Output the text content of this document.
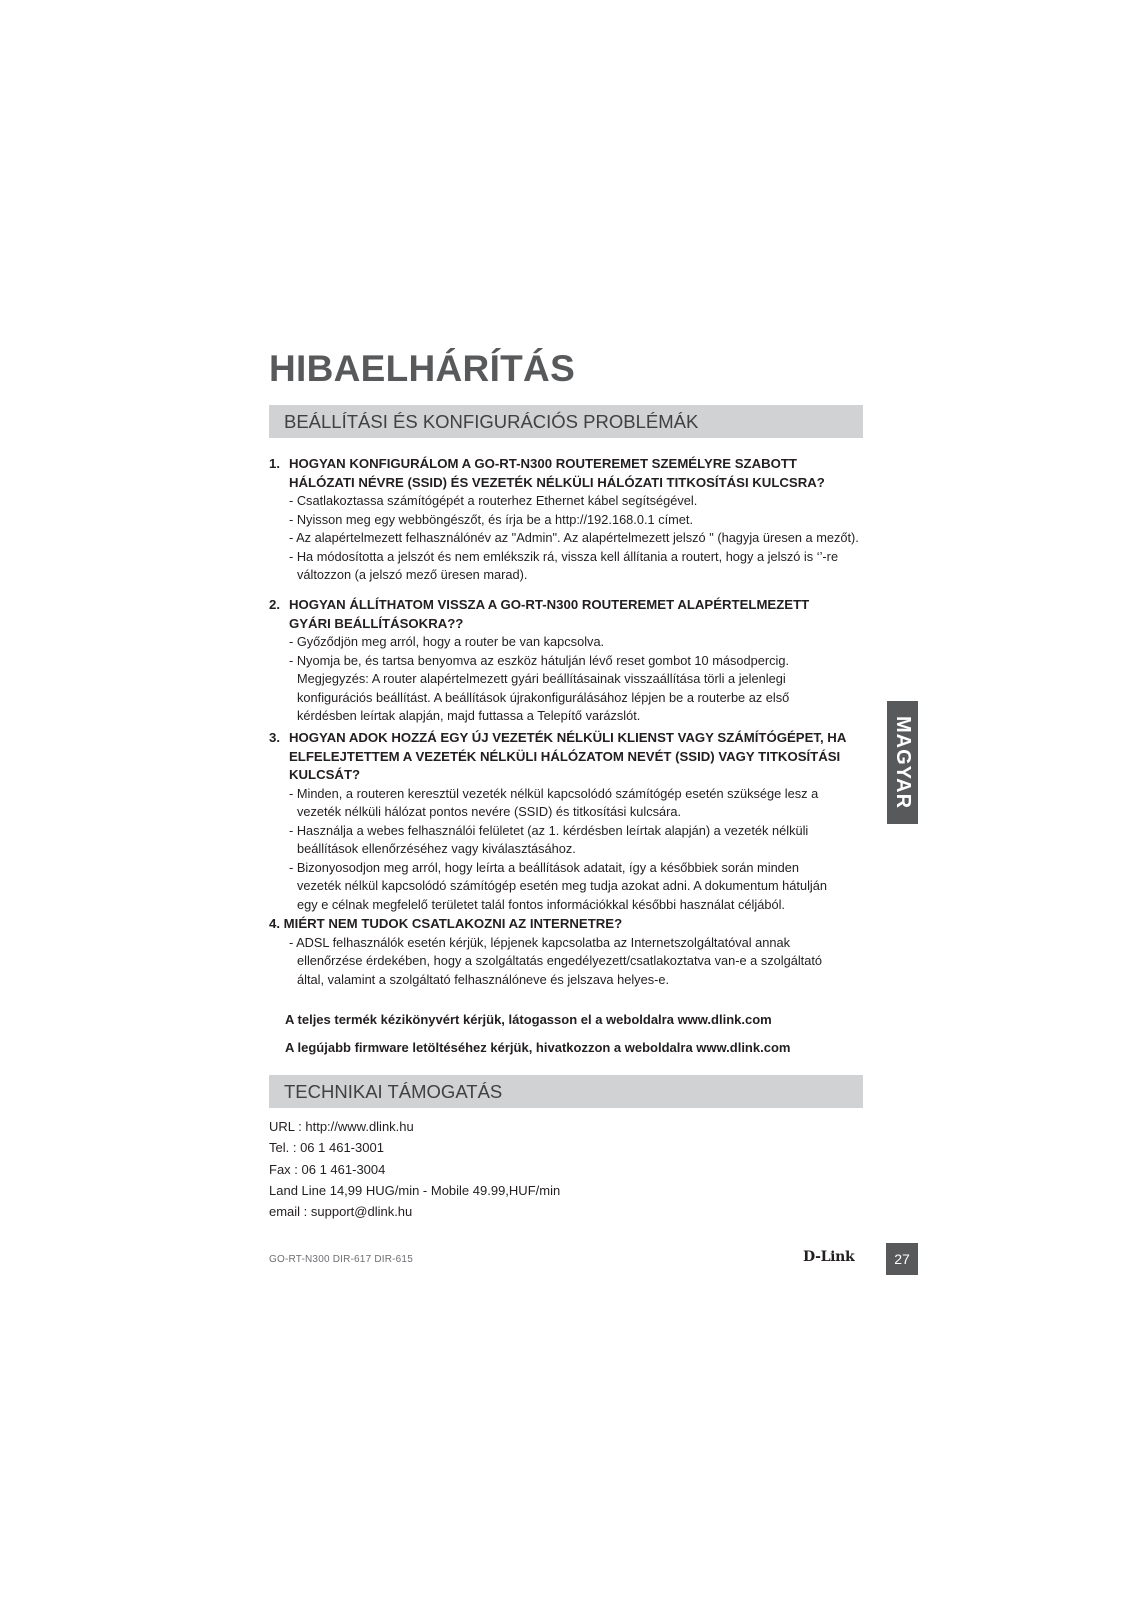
HIBAELHÁRÍTÁS
BEÁLLÍTÁSI ÉS KONFIGURÁCIÓS PROBLÉMÁK
1. HOGYAN KONFIGURÁLOM A GO-RT-N300 ROUTEREMET SZEMÉLYRE SZABOTT
HÁLÓZATI NÉVRE (SSID) ÉS VEZETÉK NÉLKÜLI HÁLÓZATI TITKOSÍTÁSI KULCSRA?
- Csatlakoztassa számítógépét a routerhez Ethernet kábel segítségével.
- Nyisson meg egy webböngészőt, és írja be a http://192.168.0.1 címet.
- Az alapértelmezett felhasználónév az "Admin". Az alapértelmezett jelszó " (hagyja üresen a mezőt).
- Ha módosította a jelszót és nem emlékszik rá, vissza kell állítania a routert, hogy a jelszó is ‘’-re
változzon (a jelszó mező üresen marad).
2. HOGYAN ÁLLÍTHATOM VISSZA A GO-RT-N300 ROUTEREMET ALAPÉRTELMEZETT
GYÁRI BEÁLLÍTÁSOKRA??
- Győződjön meg arról, hogy a router be van kapcsolva.
- Nyomja be, és tartsa benyomva az eszköz hátulján lévő reset gombot 10 másodpercig.
Megjegyzés: A router alapértelmezett gyári beállításainak visszaállítása törli a jelenlegi
konfigurációs beállítást. A beállítások újrakonfigurálásához lépjen be a routerbe az első
kérdésben leírtak alapján, majd futtassa a Telepítő varázslót.
3. HOGYAN ADOK HOZZÁ EGY ÚJ VEZETÉK NÉLKÜLI KLIENST VAGY SZÁMÍTÓGÉPET, HA
ELFELEJTETTEM A VEZETÉK NÉLKÜLI HÁLÓZATOM NEVÉT (SSID) VAGY TITKOSÍTÁSI
KULCSÁT?
- Minden, a routeren keresztül vezeték nélkül kapcsolódó számítógép esetén szüksége lesz a
vezeték nélküli hálózat pontos nevére (SSID) és titkosítási kulcsára.
- Használja a webes felhasználói felületet (az 1. kérdésben leírtak alapján) a vezeték nélküli
beállítások ellenőrzéséhez vagy kiválasztásához.
- Bizonyosodjon meg arról, hogy leírta a beállítások adatait, így a későbbiek során minden
vezeték nélkül kapcsolódó számítógép esetén meg tudja azokat adni. A dokumentum hátulján
egy e célnak megfelelő területet talál fontos információkkal későbbi használat céljából.
4. MIÉRT NEM TUDOK CSATLAKOZNI AZ INTERNETRE?
- ADSL felhasználók esetén kérjük, lépjenek kapcsolatba az Internetszolgáltatóval annak
ellenőrzése érdekében, hogy a szolgáltatás engedélyezett/csatlakoztatva van-e a szolgáltató
által, valamint a szolgáltató felhasználóneve és jelszava helyes-e.
A teljes termék kézikönyvért kérjük, látogasson el a weboldalra www.dlink.com
A legújabb firmware letöltéséhez kérjük, hivatkozzon a weboldalra www.dlink.com
TECHNIKAI TÁMOGATÁS
URL : http://www.dlink.hu
Tel. : 06 1 461-3001
Fax : 06 1 461-3004
Land Line 14,99 HUG/min - Mobile 49.99,HUF/min
email : support@dlink.hu
MAGYAR
GO-RT-N300 DIR-617 DIR-615	D-Link	27
